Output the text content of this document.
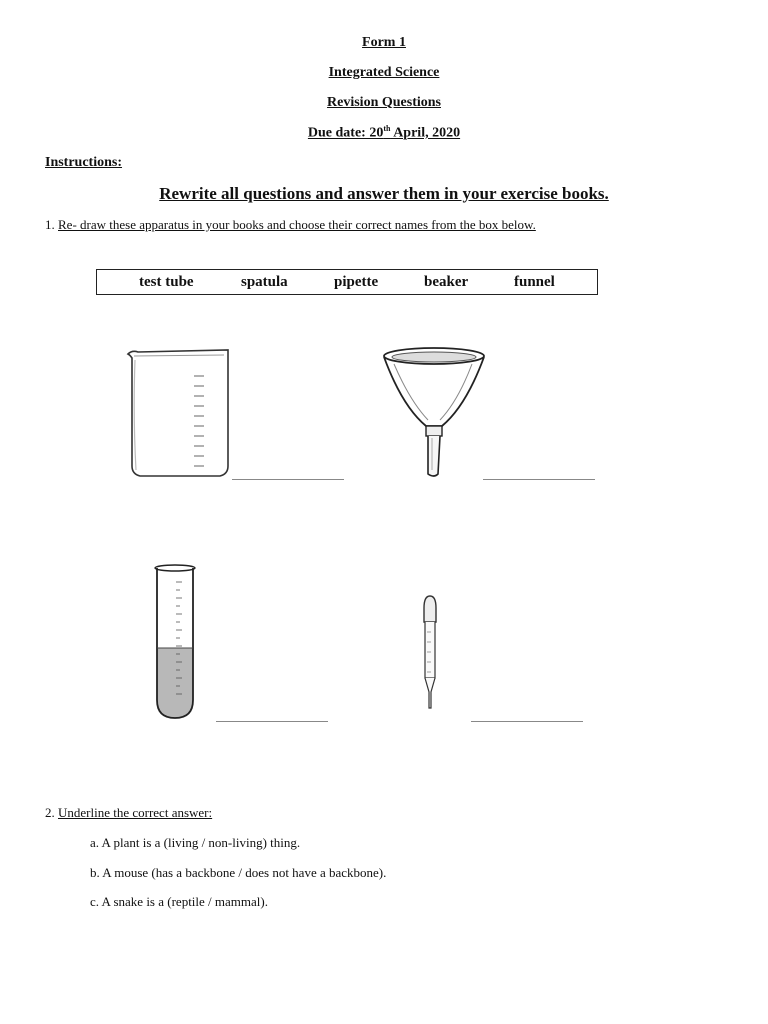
Form 1
Integrated Science
Revision Questions
Due date: 20th April, 2020
Instructions:
Rewrite all questions and answer them in your exercise books.
1. Re- draw these apparatus in your books and choose their correct names from the box below.
test tube	spatula	pipette	beaker	funnel
2. Underline the correct answer:
a. A plant is a (living / non-living) thing.
b. A mouse (has a backbone / does not have a backbone).
c. A snake is a (reptile / mammal).
